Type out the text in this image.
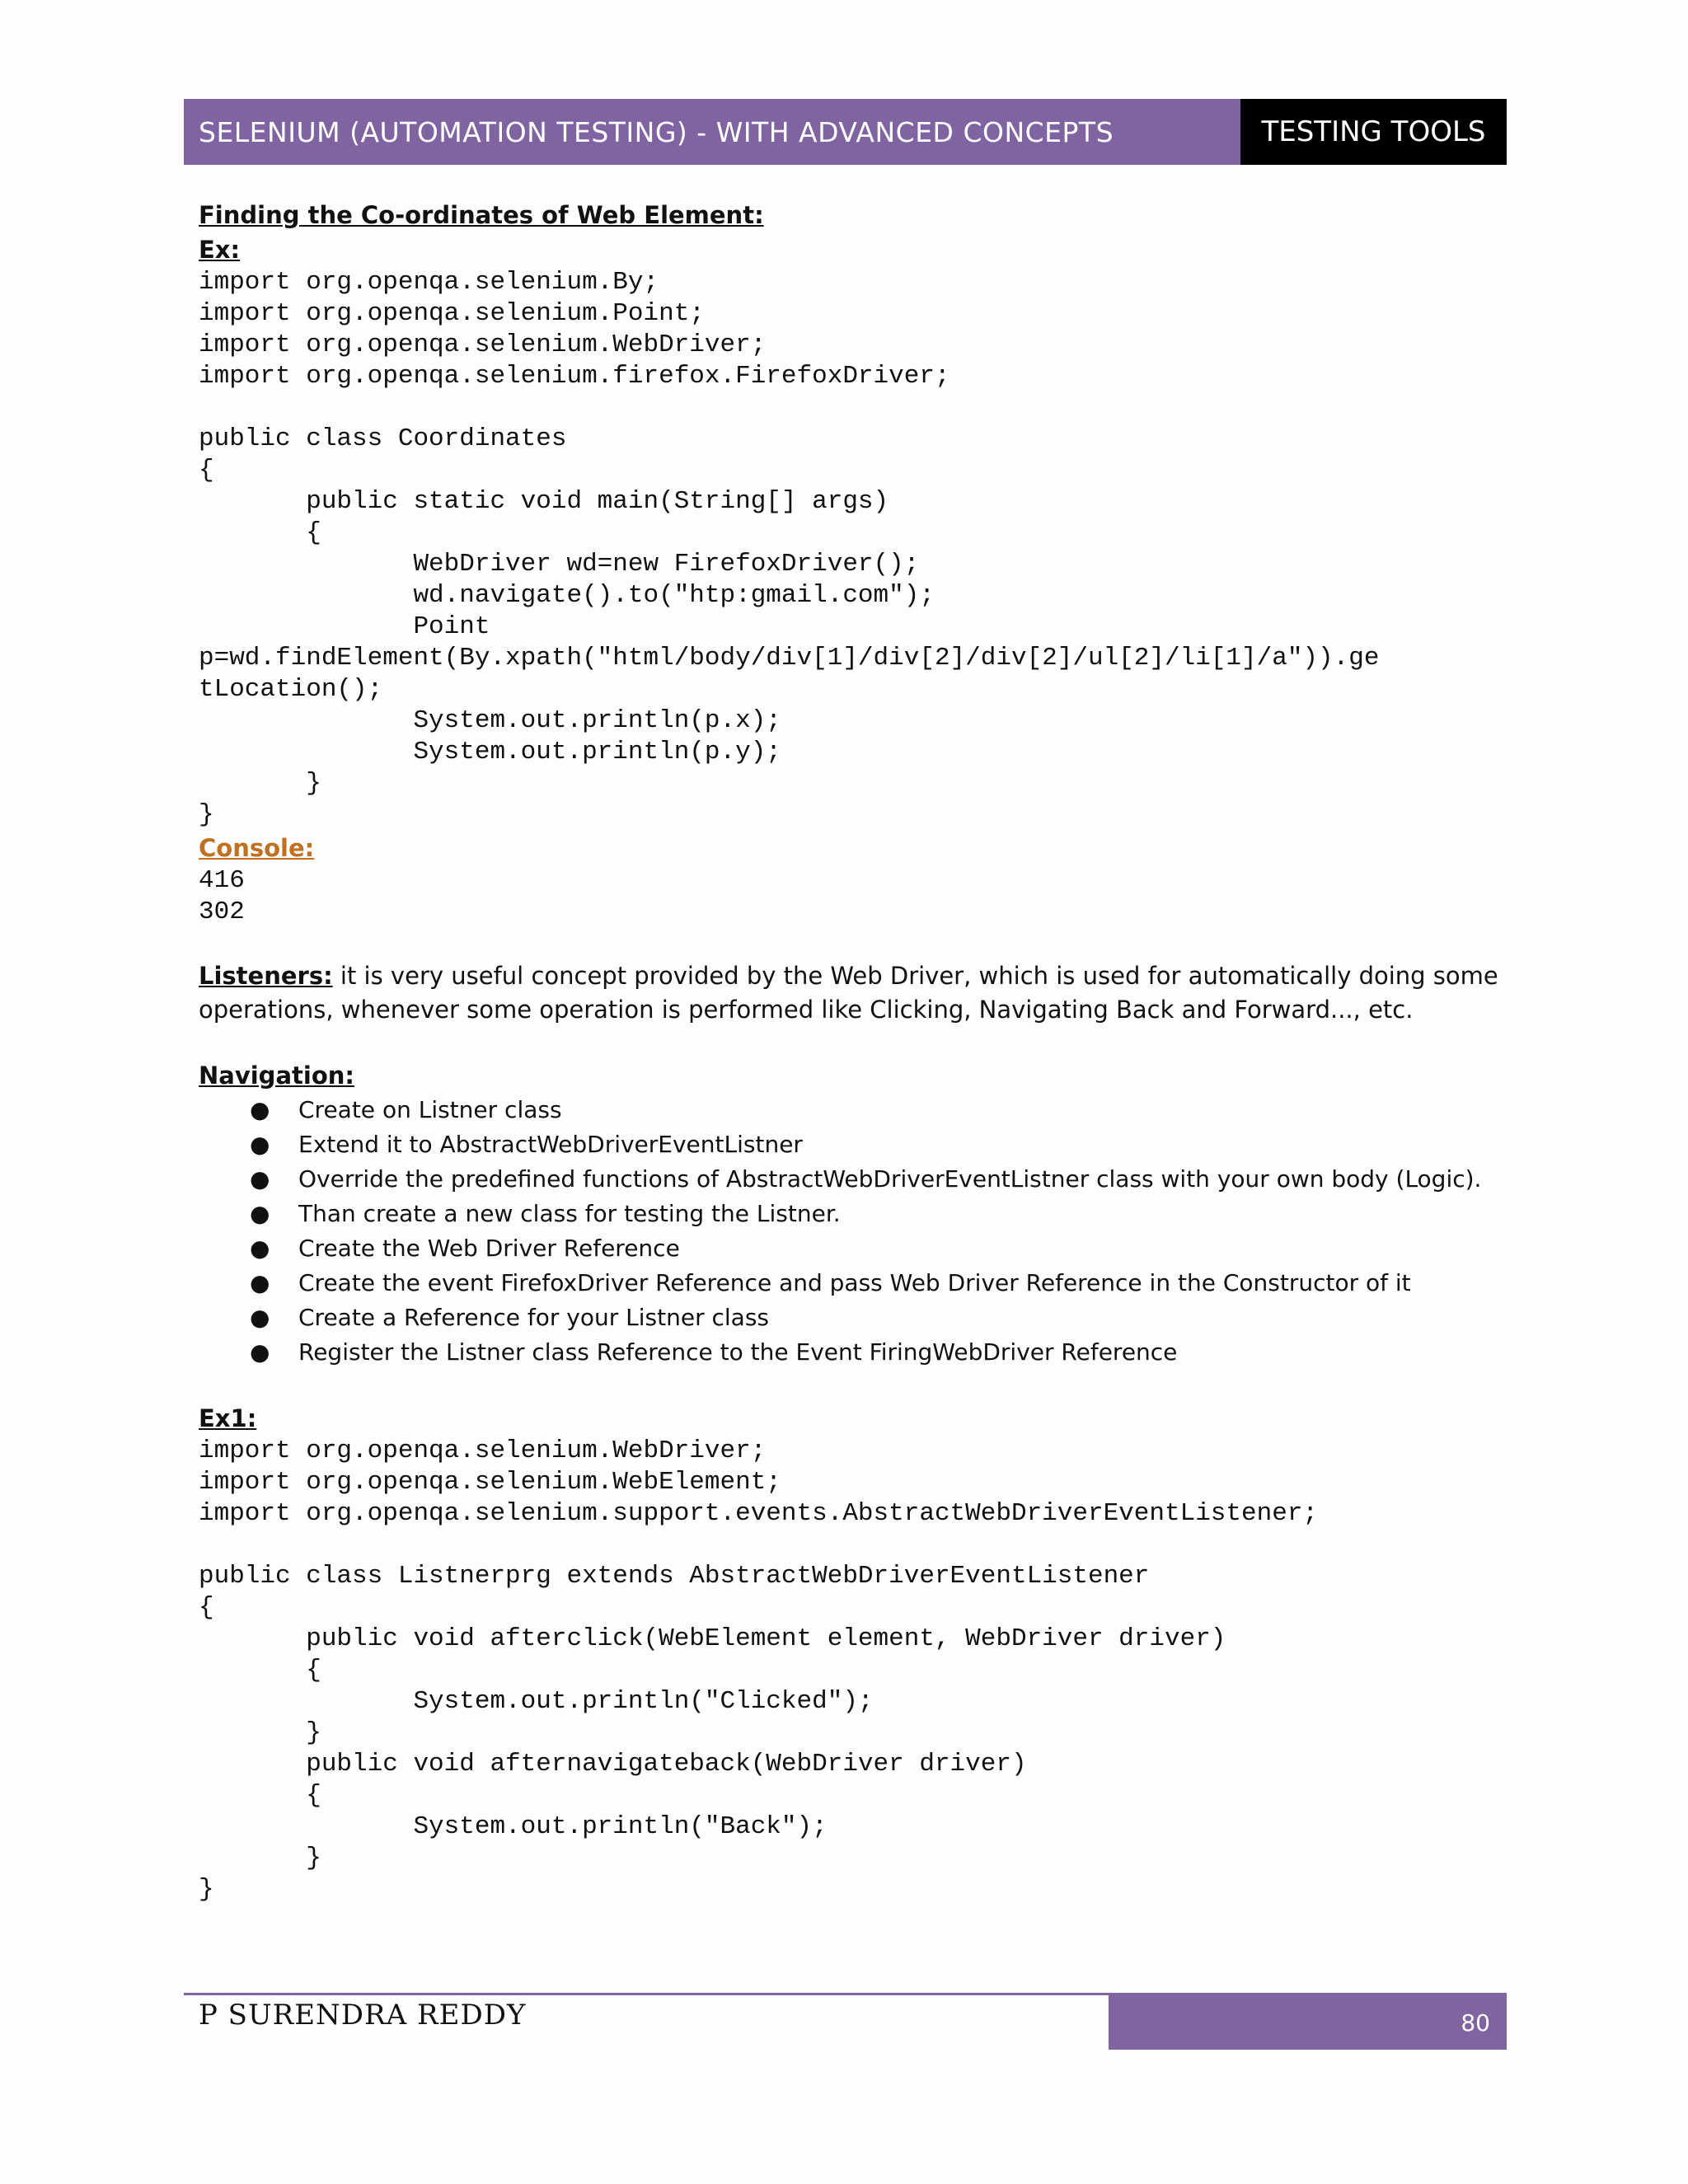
SELENIUM (AUTOMATION TESTING) - WITH ADVANCED CONCEPTS	TESTING TOOLS
Finding the Co-ordinates of Web Element:
Ex:
import org.openqa.selenium.By;
import org.openqa.selenium.Point;
import org.openqa.selenium.WebDriver;
import org.openqa.selenium.firefox.FirefoxDriver;

public class Coordinates
{
public static void main(String[] args)
{
WebDriver wd=new FirefoxDriver();
wd.navigate().to("htp:gmail.com");
Point
p=wd.findElement(By.xpath("html/body/div[1]/div[2]/div[2]/ul[2]/li[1]/a")).ge
tLocation();
System.out.println(p.x);
System.out.println(p.y);
}
}
Console:
416
302

Listeners: it is very useful concept provided by the Web Driver, which is used for automatically doing some operations, whenever some operation is performed like Clicking, Navigating Back and Forward..., etc.

Navigation:
● Create on Listner class
● Extend it to AbstractWebDriverEventListner
● Override the predefined functions of AbstractWebDriverEventListner class with your own body (Logic).
● Than create a new class for testing the Listner.
● Create the Web Driver Reference
● Create the event FirefoxDriver Reference and pass Web Driver Reference in the Constructor of it
● Create a Reference for your Listner class
● Register the Listner class Reference to the Event FiringWebDriver Reference
Ex1:
import org.openqa.selenium.WebDriver;
import org.openqa.selenium.WebElement;
import org.openqa.selenium.support.events.AbstractWebDriverEventListener;

public class Listnerprg extends AbstractWebDriverEventListener
{
public void afterclick(WebElement element, WebDriver driver)
{
System.out.println("Clicked");
}
public void afternavigateback(WebDriver driver)
{
System.out.println("Back");
}
}
P SURENDRA REDDY	80
